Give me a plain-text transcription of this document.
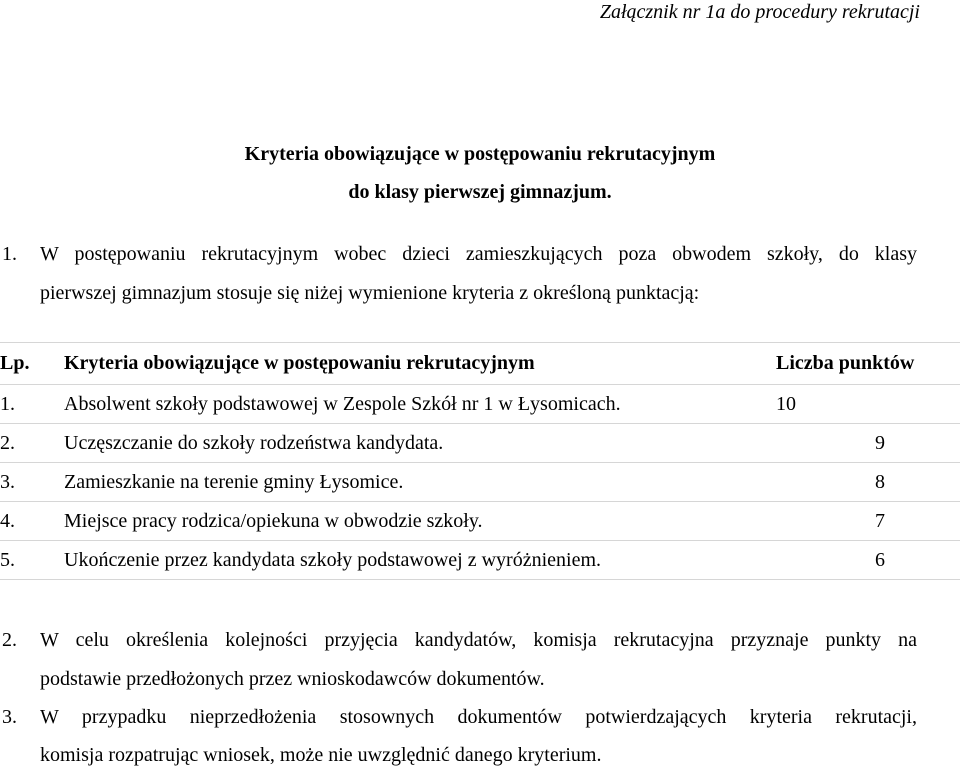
Załącznik nr 1a do procedury rekrutacji
Kryteria obowiązujące w postępowaniu rekrutacyjnym
do klasy pierwszej gimnazjum.
1. W postępowaniu rekrutacyjnym wobec dzieci zamieszkujących poza obwodem szkoły, do klasy
pierwszej gimnazjum stosuje się niżej wymienione kryteria z określoną punktacją:
Lp.	Kryteria obowiązujące w postępowaniu rekrutacyjnym	Liczba punktów
1.	Absolwent szkoły podstawowej w Zespole Szkół nr 1 w Łysomicach.	10
2.	Uczęszczanie do szkoły rodzeństwa kandydata.	9
3.	Zamieszkanie na terenie gminy Łysomice.	8
4.	Miejsce pracy rodzica/opiekuna w obwodzie szkoły.	7
5.	Ukończenie przez kandydata szkoły podstawowej z wyróżnieniem.	6
2. W celu określenia kolejności przyjęcia kandydatów, komisja rekrutacyjna przyznaje punkty na
podstawie przedłożonych przez wnioskodawców dokumentów.
3. W przypadku nieprzedłożenia stosownych dokumentów potwierdzających kryteria rekrutacji,
komisja rozpatrując wniosek, może nie uwzględnić danego kryterium.
